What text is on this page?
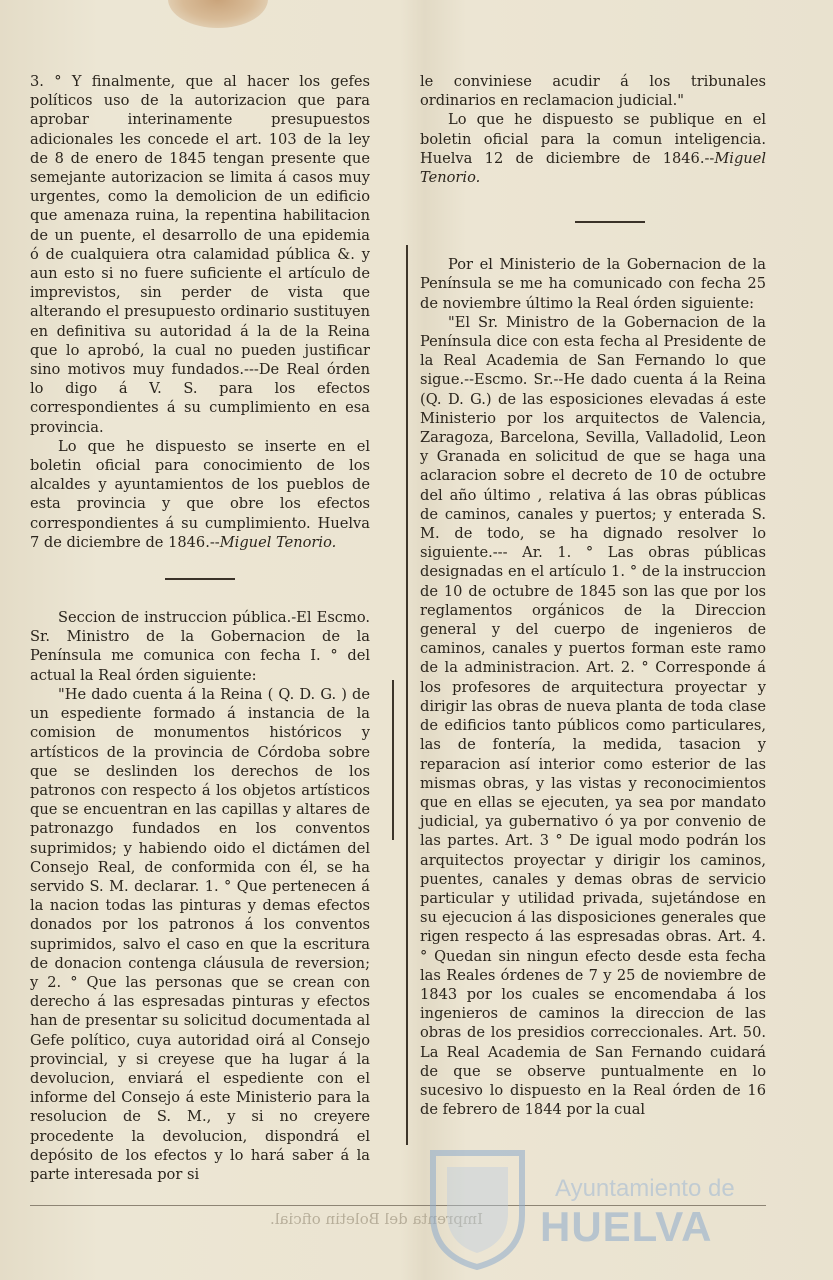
3. ° Y finalmente, que al hacer los gefes políticos uso de la autorizacion que para aprobar interinamente presupuestos adicionales les concede el art. 103 de la ley de 8 de enero de 1845 tengan presente que semejante autorizacion se limita á casos muy urgentes, como la demolicion de un edificio que amenaza ruina, la repentina habilitacion de un puente, el desarrollo de una epidemia ó de cualquiera otra calamidad pública &. y aun esto si no fuere suficiente el artículo de imprevistos, sin perder de vista que alterando el presupuesto ordinario sustituyen en definitiva su autoridad á la de la Reina que lo aprobó, la cual no pueden justificar sino motivos muy fundados.---De Real órden lo digo á V. S. para los efectos correspondientes á su cumplimiento en esa provincia.

Lo que he dispuesto se inserte en el boletin oficial para conocimiento de los alcaldes y ayuntamientos de los pueblos de esta provincia y que obre los efectos correspondientes á su cumplimiento. Huelva 7 de diciembre de 1846.--Miguel Tenorio.

Seccion de instruccion pública.-El Escmo. Sr. Ministro de la Gobernacion de la Península me comunica con fecha I. ° del actual la Real órden siguiente:

"He dado cuenta á la Reina ( Q. D. G. ) de un espediente formado á instancia de la comision de monumentos históricos y artísticos de la provincia de Córdoba sobre que se deslinden los derechos de los patronos con respecto á los objetos artísticos que se encuentran en las capillas y altares de patronazgo fundados en los conventos suprimidos; y habiendo oido el dictámen del Consejo Real, de conformida con él, se ha servido S. M. declarar. 1. ° Que pertenecen á la nacion todas las pinturas y demas efectos donados por los patronos á los conventos suprimidos, salvo el caso en que la escritura de donacion contenga cláusula de reversion; y 2. ° Que las personas que se crean con derecho á las espresadas pinturas y efectos han de presentar su solicitud documentada al Gefe político, cuya autoridad oirá al Consejo provincial, y si creyese que ha lugar á la devolucion, enviará el espediente con el informe del Consejo á este Ministerio para la resolucion de S. M., y si no creyere procedente la devolucion, dispondrá el depósito de los efectos y lo hará saber á la parte interesada por si

le conviniese acudir á los tribunales ordinarios en reclamacion judicial."

Lo que he dispuesto se publique en el boletin oficial para la comun inteligencia. Huelva 12 de diciembre de 1846.--Miguel Tenorio.

Por el Ministerio de la Gobernacion de la Península se me ha comunicado con fecha 25 de noviembre último la Real órden siguiente:

"El Sr. Ministro de la Gobernacion de la Península dice con esta fecha al Presidente de la Real Academia de San Fernando lo que sigue.--Escmo. Sr.--He dado cuenta á la Reina (Q. D. G.) de las esposiciones elevadas á este Ministerio por los arquitectos de Valencia, Zaragoza, Barcelona, Sevilla, Valladolid, Leon y Granada en solicitud de que se haga una aclaracion sobre el decreto de 10 de octubre del año último , relativa á las obras públicas de caminos, canales y puertos; y enterada S. M. de todo, se ha dignado resolver lo siguiente.--- Ar. 1. ° Las obras públicas designadas en el artículo 1. ° de la instruccion de 10 de octubre de 1845 son las que por los reglamentos orgánicos de la Direccion general y del cuerpo de ingenieros de caminos, canales y puertos forman este ramo de la administracion. Art. 2. ° Corresponde á los profesores de arquitectura proyectar y dirigir las obras de nueva planta de toda clase de edificios tanto públicos como particulares, las de fontería, la medida, tasacion y reparacion así interior como esterior de las mismas obras, y las vistas y reconocimientos que en ellas se ejecuten, ya sea por mandato judicial, ya gubernativo ó ya por convenio de las partes. Art. 3 ° De igual modo podrán los arquitectos proyectar y dirigir los caminos, puentes, canales y demas obras de servicio particular y utilidad privada, sujetándose en su ejecucion á las disposiciones generales que rigen respecto á las espresadas obras. Art. 4. ° Quedan sin ningun efecto desde esta fecha las Reales órdenes de 7 y 25 de noviembre de 1843 por los cuales se encomendaba á los ingenieros de caminos la direccion de las obras de los presidios correccionales. Art. 50. La Real Academia de San Fernando cuidará de que se observe puntualmente en lo sucesivo lo dispuesto en la Real órden de 16 de febrero de 1844 por la cual

Imprenta del Boletin oficial.
Ayuntamiento de
HUELVA
